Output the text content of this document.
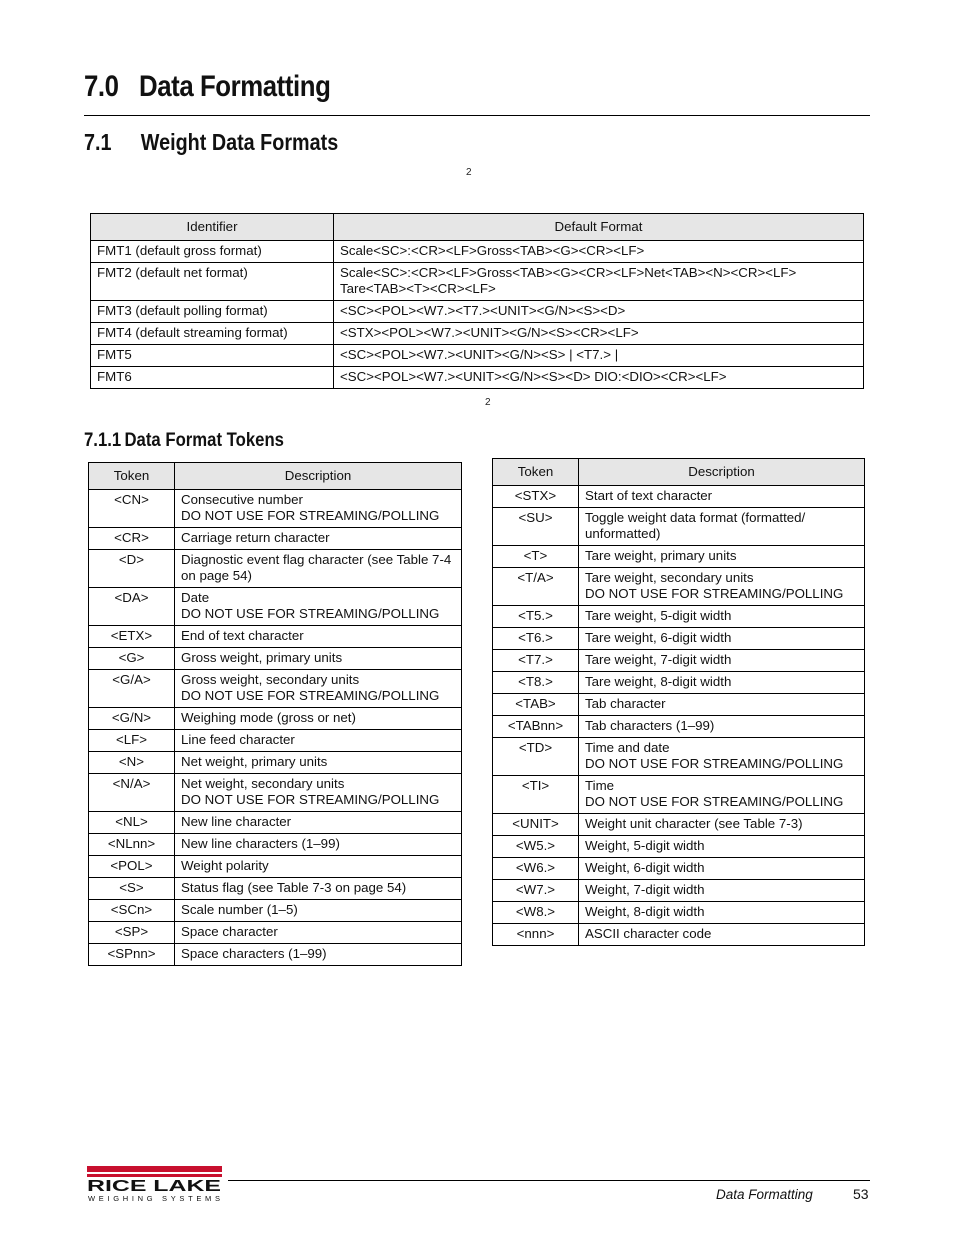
7.0 Data Formatting
7.1 Weight Data Formats
2
Identifier	Default Format
FMT1 (default gross format)	Scale<SC>:<CR><LF>Gross<TAB><G><CR><LF>

FMT2 (default net format)	Scale<SC>:<CR><LF>Gross<TAB><G><CR><LF>Net<TAB><N><CR><LF>
Tare<TAB><T><CR><LF>

FMT3 (default polling format)	<SC><POL><W7.><T7.><UNIT><G/N><S><D>

FMT4 (default streaming format)	<STX><POL><W7.><UNIT><G/N><S><CR><LF>

FMT5	<SC><POL><W7.><UNIT><G/N><S> | <T7.> |

FMT6	<SC><POL><W7.><UNIT><G/N><S><D> DIO:<DIO><CR><LF>
2
7.1.1 Data Format Tokens
Token	Description
<CN>	Consecutive number
DO NOT USE FOR STREAMING/POLLING

<CR>	Carriage return character

<D>	Diagnostic event flag character (see Table 7-4
on page 54)

<DA>	Date
DO NOT USE FOR STREAMING/POLLING

<ETX>	End of text character

<G>	Gross weight, primary units

<G/A>	Gross weight, secondary units
DO NOT USE FOR STREAMING/POLLING

<G/N>	Weighing mode (gross or net)

<LF>	Line feed character

<N>	Net weight, primary units

<N/A>	Net weight, secondary units
DO NOT USE FOR STREAMING/POLLING

<NL>	New line character

<NLnn>	New line characters (1–99)

<POL>	Weight polarity

<S>	Status flag (see Table 7-3 on page 54)

<SCn>	Scale number (1–5)

<SP>	Space character

<SPnn>	Space characters (1–99)
Token	Description
<STX>	Start of text character

<SU>	Toggle weight data format (formatted/
unformatted)

<T>	Tare weight, primary units

<T/A>	Tare weight, secondary units
DO NOT USE FOR STREAMING/POLLING

<T5.>	Tare weight, 5-digit width

<T6.>	Tare weight, 6-digit width

<T7.>	Tare weight, 7-digit width

<T8.>	Tare weight, 8-digit width

<TAB>	Tab character

<TABnn>	Tab characters (1–99)

<TD>	Time and date
DO NOT USE FOR STREAMING/POLLING

<TI>	Time
DO NOT USE FOR STREAMING/POLLING

<UNIT>	Weight unit character (see Table 7-3)

<W5.>	Weight, 5-digit width

<W6.>	Weight, 6-digit width

<W7.>	Weight, 7-digit width

<W8.>	Weight, 8-digit width

<nnn>	ASCII character code
RICE LAKE
WEIGHING SYSTEMS	Data Formatting	53
